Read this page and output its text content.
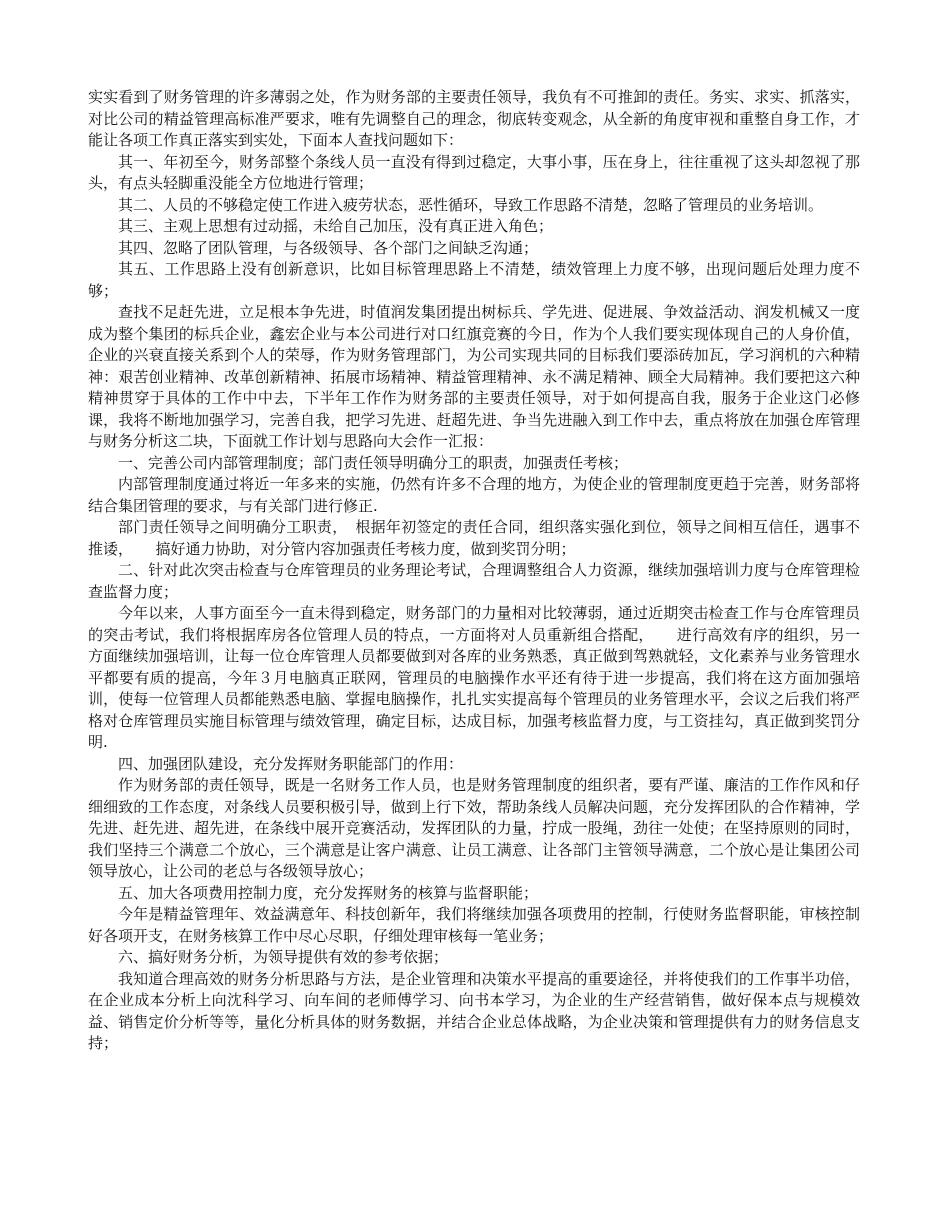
实实看到了财务管理的许多薄弱之处，作为财务部的主要责任领导，我负有不可推卸的责任。务实、求实、抓落实，对比公司的精益管理高标准严要求，唯有先调整自己的理念，彻底转变观念，从全新的角度审视和重整自身工作，才能让各项工作真正落实到实处，下面本人查找问题如下：

其一、年初至今，财务部整个条线人员一直没有得到过稳定，大事小事，压在身上，往往重视了这头却忽视了那头，有点头轻脚重没能全方位地进行管理；

其二、人员的不够稳定使工作进入疲劳状态，恶性循环，导致工作思路不清楚，忽略了管理员的业务培训。

其三、主观上思想有过动摇，未给自己加压，没有真正进入角色；

其四、忽略了团队管理，与各级领导、各个部门之间缺乏沟通；

其五、工作思路上没有创新意识，比如目标管理思路上不清楚，绩效管理上力度不够，出现问题后处理力度不够；

查找不足赶先进，立足根本争先进，时值润发集团提出树标兵、学先进、促进展、争效益活动、润发机械又一度成为整个集团的标兵企业，鑫宏企业与本公司进行对口红旗竞赛的今日，作为个人我们要实现体现自己的人身价值，企业的兴衰直接关系到个人的荣辱，作为财务管理部门，为公司实现共同的目标我们要添砖加瓦，学习润机的六种精神：艰苦创业精神、改革创新精神、拓展市场精神、精益管理精神、永不满足精神、顾全大局精神。我们要把这六种精神贯穿于具体的工作中中去，下半年工作作为财务部的主要责任领导，对于如何提高自我，服务于企业这门必修课，我将不断地加强学习，完善自我，把学习先进、赶超先进、争当先进融入到工作中去，重点将放在加强仓库管理与财务分析这二块，下面就工作计划与思路向大会作一汇报：

一、完善公司内部管理制度；部门责任领导明确分工的职责，加强责任考核；

内部管理制度通过将近一年多来的实施，仍然有许多不合理的地方，为使企业的管理制度更趋于完善，财务部将结合集团管理的要求，与有关部门进行修正.

部门责任领导之间明确分工职责，　根据年初签定的责任合同，组织落实强化到位，领导之间相互信任，遇事不推诿，　　搞好通力协助，对分管内容加强责任考核力度，做到奖罚分明；

二、针对此次突击检查与仓库管理员的业务理论考试，合理调整组合人力资源，继续加强培训力度与仓库管理检查监督力度；

今年以来，人事方面至今一直未得到稳定，财务部门的力量相对比较薄弱，通过近期突击检查工作与仓库管理员的突击考试，我们将根据库房各位管理人员的特点，一方面将对人员重新组合搭配，　　进行高效有序的组织，另一方面继续加强培训，让每一位仓库管理人员都要做到对各库的业务熟悉，真正做到驾熟就轻，文化素养与业务管理水平都要有质的提高，今年３月电脑真正联网，管理员的电脑操作水平还有待于进一步提高，我们将在这方面加强培训，使每一位管理人员都能熟悉电脑、掌握电脑操作，扎扎实实提高每个管理员的业务管理水平，会议之后我们将严格对仓库管理员实施目标管理与绩效管理，确定目标，达成目标，加强考核监督力度，与工资挂勾，真正做到奖罚分明.

四、加强团队建设，充分发挥财务职能部门的作用：

作为财务部的责任领导，既是一名财务工作人员，也是财务管理制度的组织者，要有严谨、廉洁的工作作风和仔细细致的工作态度，对条线人员要积极引导，做到上行下效，帮助条线人员解决问题，充分发挥团队的合作精神，学先进、赶先进、超先进，在条线中展开竞赛活动，发挥团队的力量，拧成一股绳，劲往一处使；在坚持原则的同时，我们坚持三个满意二个放心，三个满意是让客户满意、让员工满意、让各部门主管领导满意，二个放心是让集团公司领导放心，让公司的老总与各级领导放心；

五、加大各项费用控制力度，充分发挥财务的核算与监督职能；

今年是精益管理年、效益满意年、科技创新年，我们将继续加强各项费用的控制，行使财务监督职能，审核控制好各项开支，在财务核算工作中尽心尽职，仔细处理审核每一笔业务；

六、搞好财务分析，为领导提供有效的参考依据；

我知道合理高效的财务分析思路与方法，是企业管理和决策水平提高的重要途径，并将使我们的工作事半功倍，在企业成本分析上向沈科学习、向车间的老师傅学习、向书本学习，为企业的生产经营销售，做好保本点与规模效益、销售定价分析等等，量化分析具体的财务数据，并结合企业总体战略，为企业决策和管理提供有力的财务信息支持；
